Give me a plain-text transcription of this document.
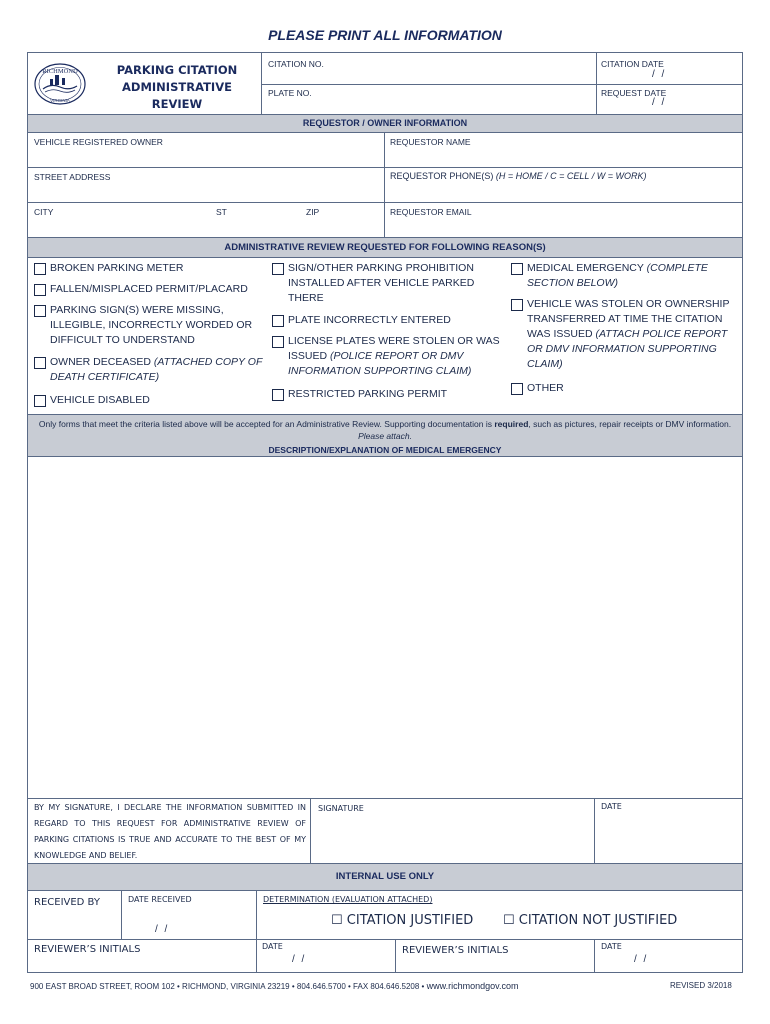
PLEASE PRINT ALL INFORMATION
RICHMOND
VIRGINIA
PARKING CITATION
ADMINISTRATIVE REVIEW
CITATION NO.	CITATION DATE
/ /
PLATE NO.	REQUEST DATE
/ /
REQUESTOR / OWNER INFORMATION
VEHICLE REGISTERED OWNER	REQUESTOR NAME
STREET ADDRESS	REQUESTOR PHONE(S) (H = HOME / C = CELL / W = WORK)
CITY	ST	ZIP	REQUESTOR EMAIL
ADMINISTRATIVE REVIEW REQUESTED FOR FOLLOWING REASON(S)
BROKEN PARKING METER
FALLEN/MISPLACED PERMIT/PLACARD
PARKING SIGN(S) WERE MISSING, ILLEGIBLE, INCORRECTLY WORDED OR DIFFICULT TO UNDERSTAND
OWNER DECEASED (ATTACHED COPY OF DEATH CERTIFICATE)
VEHICLE DISABLED
SIGN/OTHER PARKING PROHIBITION INSTALLED AFTER VEHICLE PARKED THERE
PLATE INCORRECTLY ENTERED
LICENSE PLATES WERE STOLEN OR WAS ISSUED (POLICE REPORT OR DMV INFORMATION SUPPORTING CLAIM)
RESTRICTED PARKING PERMIT
MEDICAL EMERGENCY (COMPLETE SECTION BELOW)
VEHICLE WAS STOLEN OR OWNERSHIP TRANSFERRED AT TIME THE CITATION WAS ISSUED (ATTACH POLICE REPORT OR DMV INFORMATION SUPPORTING CLAIM)
OTHER
Only forms that meet the criteria listed above will be accepted for an Administrative Review. Supporting documentation is required, such as pictures, repair receipts or DMV information. Please attach.
DESCRIPTION/EXPLANATION OF MEDICAL EMERGENCY
BY MY SIGNATURE, I DECLARE THE INFORMATION SUBMITTED IN REGARD TO THIS REQUEST FOR ADMINISTRATIVE REVIEW OF PARKING CITATIONS IS TRUE AND ACCURATE TO THE BEST OF MY KNOWLEDGE AND BELIEF.
SIGNATURE	DATE
INTERNAL USE ONLY
RECEIVED BY	DATE RECEIVED
/ /
DETERMINATION (EVALUATION ATTACHED)
☐ CITATION JUSTIFIED ☐ CITATION NOT JUSTIFIED
REVIEWER’S INITIALS	DATE
/ /
REVIEWER’S INITIALS	DATE
/ /
900 EAST BROAD STREET, ROOM 102 • RICHMOND, VIRGINIA 23219 • 804.646.5700 • FAX 804.646.5208 • www.richmondgov.com	REVISED 3/2018
